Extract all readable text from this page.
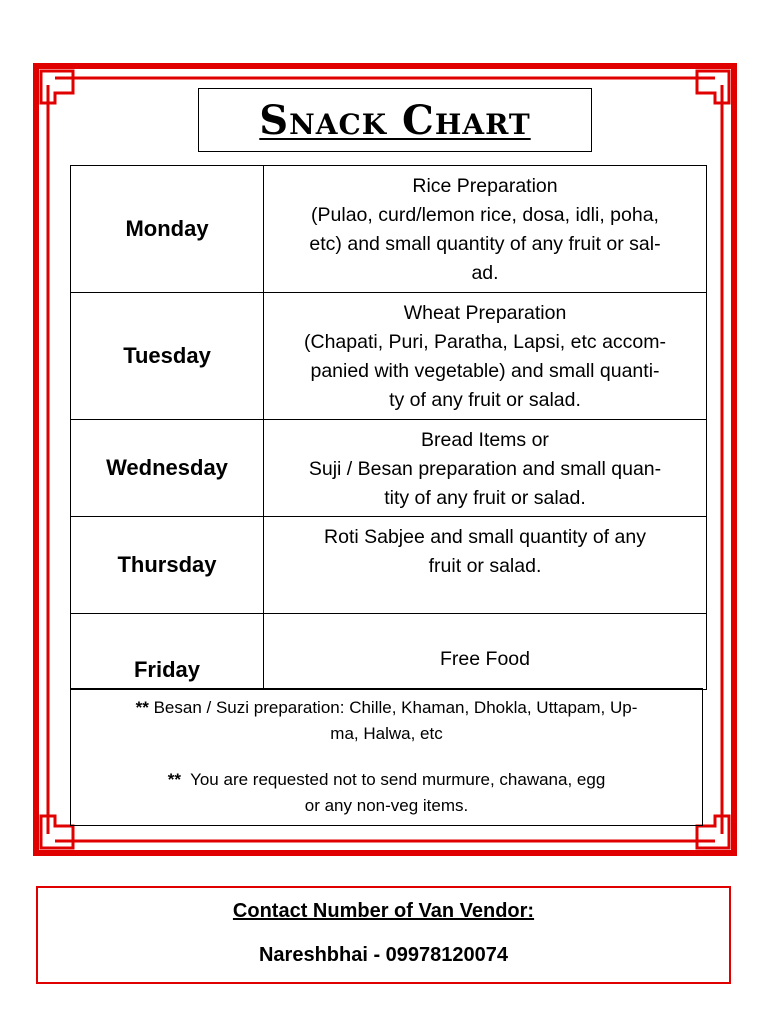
Snack Chart
Monday	Rice Preparation
(Pulao, curd/lemon rice, dosa, idli, poha,
etc) and small quantity of any fruit or sal-
ad.

Tuesday	Wheat Preparation
(Chapati, Puri, Paratha, Lapsi, etc accom-
panied with vegetable) and small quanti-
ty of any fruit or salad.

Wednesday	Bread Items or
Suji / Besan preparation and small quan-
tity of any fruit or salad.

Thursday	Roti Sabjee and small quantity of any
fruit or salad.

Friday	Free Food
** Besan / Suzi preparation: Chille, Khaman, Dhokla, Uttapam, Up-
ma, Halwa, etc
** You are requested not to send murmure, chawana, egg
or any non-veg items.
Contact Number of Van Vendor:
Nareshbhai - 09978120074
